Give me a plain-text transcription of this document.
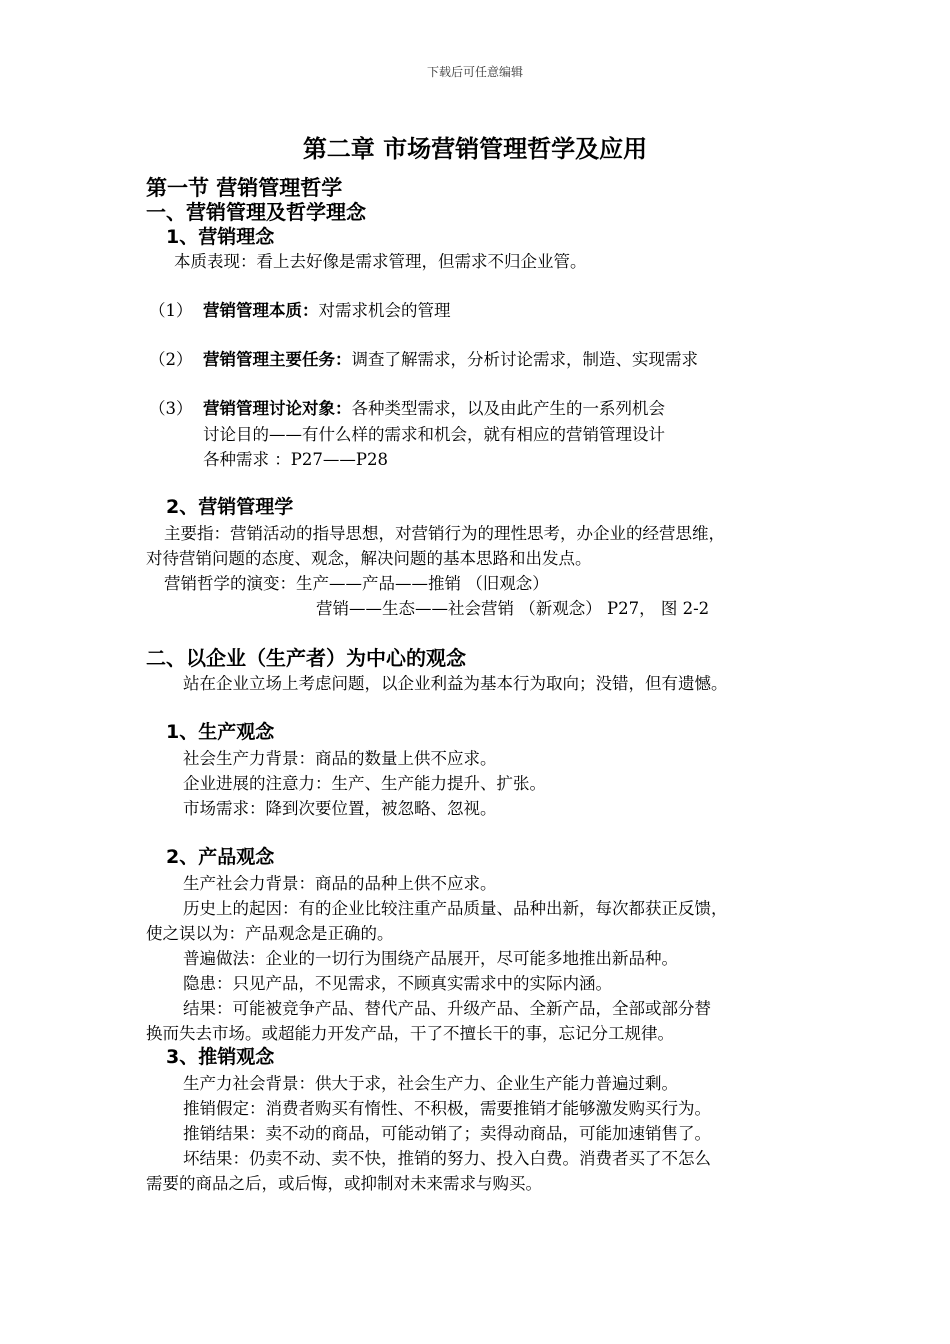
下载后可任意编辑
第二章 市场营销管理哲学及应用
第一节 营销管理哲学
一、营销管理及哲学理念
1、营销理念
本质表现：看上去好像是需求管理，但需求不归企业管。
（1） 营销管理本质：对需求机会的管理
（2） 营销管理主要任务：调查了解需求，分析讨论需求，制造、实现需求
（3） 营销管理讨论对象：各种类型需求，以及由此产生的一系列机会
讨论目的——有什么样的需求和机会，就有相应的营销管理设计
各种需求 ：P27——P28
2、营销管理学
主要指：营销活动的指导思想，对营销行为的理性思考，办企业的经营思维，
对待营销问题的态度、观念，解决问题的基本思路和出发点。
营销哲学的演变：生产——产品——推销 （旧观念）
营销——生态——社会营销 （新观念） P27， 图 2-2
二、以企业（生产者）为中心的观念
站在企业立场上考虑问题，以企业利益为基本行为取向；没错，但有遗憾。
1、生产观念
社会生产力背景：商品的数量上供不应求。
企业进展的注意力：生产、生产能力提升、扩张。
市场需求：降到次要位置，被忽略、忽视。
2、产品观念
生产社会力背景：商品的品种上供不应求。
历史上的起因：有的企业比较注重产品质量、品种出新，每次都获正反馈，
使之误以为：产品观念是正确的。
普遍做法：企业的一切行为围绕产品展开，尽可能多地推出新品种。
隐患：只见产品，不见需求，不顾真实需求中的实际内涵。
结果：可能被竞争产品、替代产品、升级产品、全新产品，全部或部分替
换而失去市场。或超能力开发产品，干了不擅长干的事，忘记分工规律。
3、推销观念
生产力社会背景：供大于求，社会生产力、企业生产能力普遍过剩。
推销假定：消费者购买有惰性、不积极，需要推销才能够激发购买行为。
推销结果：卖不动的商品，可能动销了；卖得动商品，可能加速销售了。
坏结果：仍卖不动、卖不快，推销的努力、投入白费。消费者买了不怎么
需要的商品之后，或后悔，或抑制对未来需求与购买。
